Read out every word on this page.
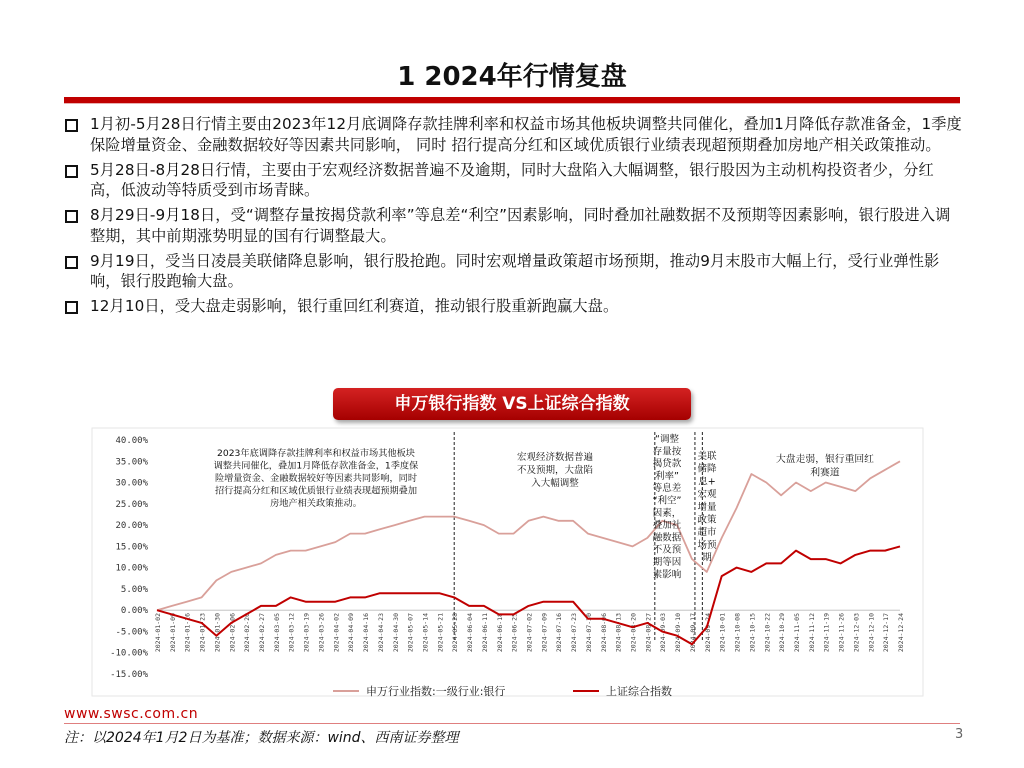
1 2024年行情复盘
1月初-5月28日行情主要由2023年12月底调降存款挂牌利率和权益市场其他板块调整共同催化，叠加1月降低存款准备金，1季度保险增量资金、金融数据较好等因素共同影响， 同时 招行提高分红和区域优质银行业绩表现超预期叠加房地产相关政策推动。
5月28日-8月28日行情，主要由于宏观经济数据普遍不及逾期，同时大盘陷入大幅调整，银行股因为主动机构投资者少，分红高，低波动等特质受到市场青睐。
8月29日-9月18日，受“调整存量按揭贷款利率”等息差“利空”因素影响，同时叠加社融数据不及预期等因素影响，银行股进入调整期，其中前期涨势明显的国有行调整最大。
9月19日，受当日凌晨美联储降息影响，银行股抢跑。同时宏观增量政策超市场预期，推动9月末股市大幅上行，受行业弹性影响，银行股跑输大盘。
12月10日，受大盘走弱影响，银行重回红利赛道，推动银行股重新跑赢大盘。
40.00%
35.00%
30.00%
25.00%
20.00%
15.00%
10.00%
5.00%
0.00%
-5.00%
-10.00%
-15.00%
2024-01-02 2024-01-09 2024-01-16 2024-01-23 2024-01-30 2024-02-06 2024-02-20 2024-02-27 2024-03-05 2024-03-12 2024-03-19 2024-03-26 2024-04-02 2024-04-09 2024-04-16 2024-04-23 2024-04-30 2024-05-07 2024-05-14 2024-05-21 2024-05-28 2024-06-04 2024-06-11 2024-06-18 2024-06-25 2024-07-02 2024-07-09 2024-07-16 2024-07-23 2024-07-30 2024-08-06 2024-08-13 2024-08-20 2024-08-27 2024-09-03 2024-09-10 2024-09-17 2024-09-24 2024-10-01 2024-10-08 2024-10-15 2024-10-22 2024-10-29 2024-11-05 2024-11-12 2024-11-19 2024-11-26 2024-12-03 2024-12-10 2024-12-17 2024-12-24
2023年底调降存款挂牌利率和权益市场其他板块
调整共同催化，叠加1月降低存款准备金，1季度保
险增量资金、金融数据较好等因素共同影响，同时
招行提高分红和区域优质银行业绩表现超预期叠加
房地产相关政策推动。
宏观经济数据普遍
不及预期，大盘陷
入大幅调整
“调整
存量按
揭贷款
利率”
等息差
“利空”
因素，
叠加社
融数据
不及预
期等因
素影响
美联
储降
息+
宏观
增量
政策
超市
场预
期
大盘走弱，银行重回红
利赛道
申万行业指数:一级行业:银行	上证综合指数
申万银行指数 VS上证综合指数
www.swsc.com.cn
注：以2024年1月2日为基准；数据来源：wind、西南证券整理	3
